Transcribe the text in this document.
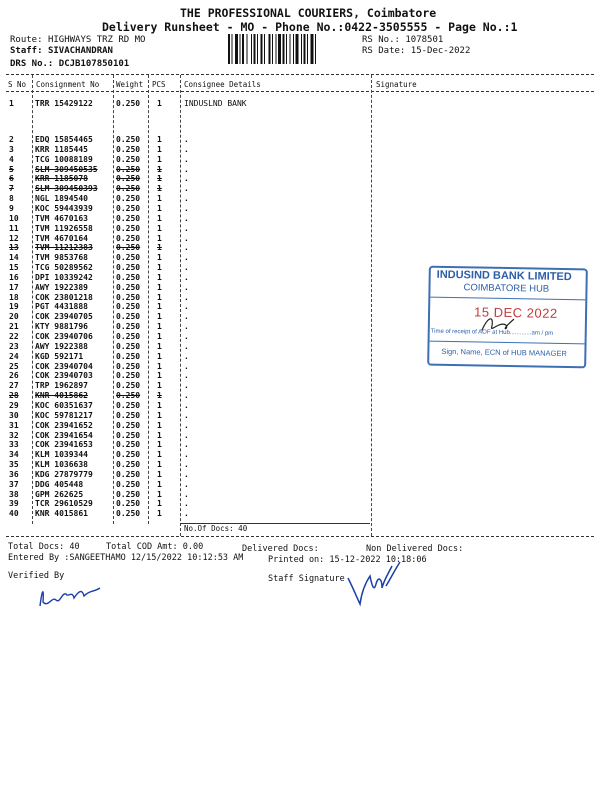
THE PROFESSIONAL COURIERS, Coimbatore
Delivery Runsheet - MO - Phone No.:0422-3505555 - Page No.:1
Route: HIGHWAYS TRZ RD MO
Staff: SIVACHANDRAN
DRS No.: DCJB107850101
RS No.: 1078501
RS Date: 15-Dec-2022
S No Consignment No Weight PCS Consignee Details	Signature
1	TRR 15429122	0.250 1	INDUSLND BANK
2	EDQ 15854465	0.250 1	.
3	KRR 1185445	0.250 1	.
4	TCG 10088189	0.250 1	.
5	SLM 309450535 0.250 1	.
6	KRR 1185078	0.250 1	.
7	SLM 309450393 0.250 1	.
8	NGL 1894540	0.250 1	.
9	KOC 59443939	0.250 1	.
10 TVM 4670163	0.250 1	.
11 TVM 11926558	0.250 1	.
12 TVM 4670164	0.250 1	.
13 TVM 11212383	0.250 1	.
14 TVM 9853768	0.250 1	.
15 TCG 50289562	0.250 1	.
16 DPI 10339242	0.250 1	.
17 AWY 1922389	0.250 1	.
18 COK 23801218	0.250 1	.
19 PGT 4431888	0.250 1	.
20 COK 23940705	0.250 1	.
21 KTY 9881796	0.250 1	.
22 COK 23940706	0.250 1	.
23 AWY 1922388	0.250 1	.
24 KGD 592171	0.250 1	.
25 COK 23940704	0.250 1	.
26 COK 23940703	0.250 1	.
27 TRP 1962897	0.250 1	.
28 KNR 4015862	0.250 1	.
29 KOC 60351637	0.250 1	.
30 KOC 59781217	0.250 1	.
31 COK 23941652	0.250 1	.
32 COK 23941654	0.250 1	.
33 COK 23941653	0.250 1	.
34 KLM 1039344	0.250 1	.
35 KLM 1036638	0.250 1	.
36 KDG 27879779	0.250 1	.
37 DDG 405448	0.250 1	.
38 GPM 262625	0.250 1	.
39 TCR 29610529	0.250 1	.
40 KNR 4015861	0.250 1	.
No.Of Docs: 40
INDUSIND BANK LIMITED
COIMBATORE HUB
15 DEC 2022
Time of receipt of AOF at Hub.............am / pm
Sign, Name, ECN of HUB MANAGER
Total Docs: 40	Total COD Amt: 0.00	Delivered Docs:	Non Delivered Docs:
Entered By :SANGEETHAMO 12/15/2022 10:12:53 AM	Printed on: 15-12-2022 10:18:06
Verified By	Staff Signature
